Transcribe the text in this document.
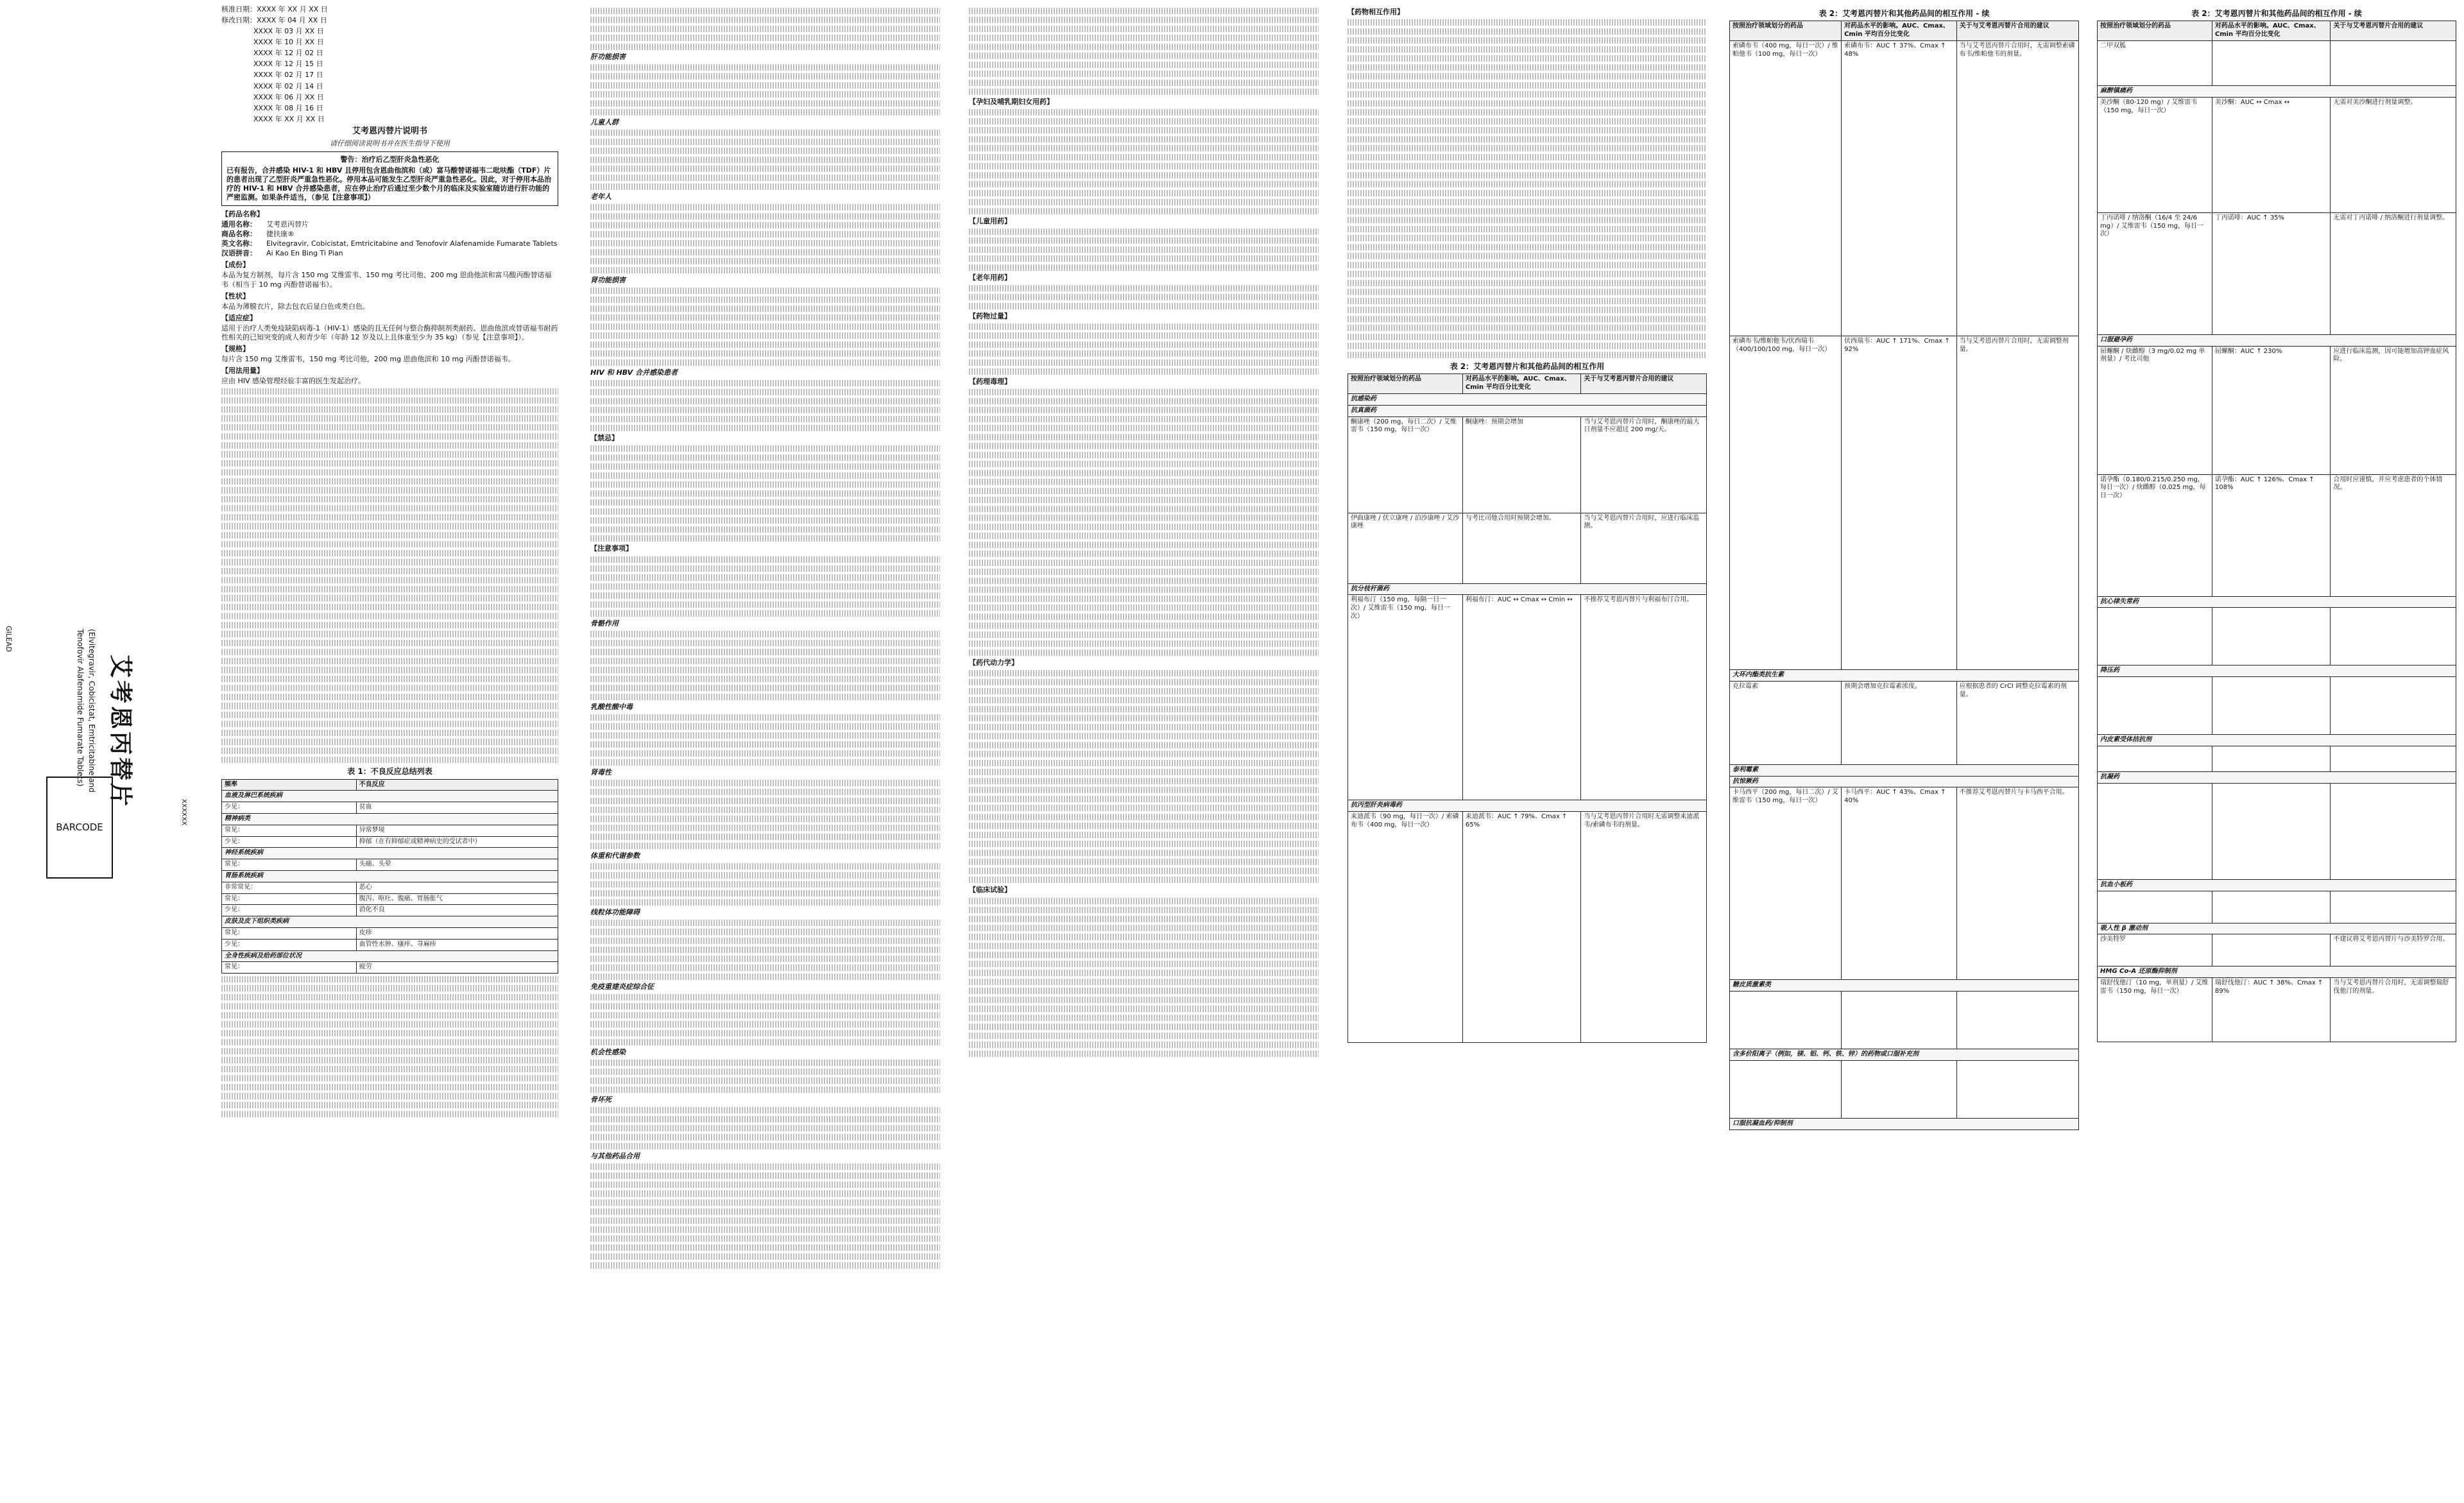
GILEAD
BARCODE
Tenofovir Alafenamide Fumarate Tablets) (Elvitegravir, Cobicistat, Emtricitabine and 艾考恩丙替片
XXXXXX
核准日期：XXXX 年 XX 月 XX 日
修改日期：XXXX 年 04 月 XX 日
XXXX 年 03 月 XX 日
XXXX 年 10 月 XX 日
XXXX 年 12 月 02 日
XXXX 年 12 月 15 日
XXXX 年 02 月 17 日
XXXX 年 02 月 14 日
XXXX 年 06 月 XX 日
XXXX 年 08 月 16 日
XXXX 年 XX 月 XX 日
艾考恩丙替片说明书
请仔细阅读说明书并在医生指导下使用
警告：治疗后乙型肝炎急性恶化
已有报告，合并感染 HIV-1 和 HBV 且停用包含恩曲他滨和（或）富马酸替诺福韦二吡呋酯（TDF）片的患者出现了乙型肝炎严重急性恶化。停用本品可能发生乙型肝炎严重急性恶化。因此，对于停用本品治疗的 HIV-1 和 HBV 合并感染患者，应在停止治疗后通过至少数个月的临床及实验室随访进行肝功能的严密监测。如果条件适当，（参见【注意事项】）
【药品名称】
通用名称：	艾考恩丙替片
商品名称：	捷扶康®
英文名称：	Elvitegravir, Cobicistat, Emtricitabine and Tenofovir Alafenamide Fumarate Tablets
汉语拼音：	Ai Kao En Bing Ti Pian
【成份】
本品为复方制剂，每片含 150 mg 艾维雷韦、150 mg 考比司他、200 mg 恩曲他滨和富马酸丙酚替诺福韦（相当于 10 mg 丙酚替诺福韦）。
【性状】
本品为薄膜衣片，除去包衣后显白色或类白色。
【适应症】
适用于治疗人类免疫缺陷病毒-1（HIV-1）感染的且无任何与整合酶抑制剂类耐药、恩曲他滨或替诺福韦耐药性相关的已知突变的成人和青少年（年龄 12 岁及以上且体重至少为 35 kg）（参见【注意事项】）。
【规格】
每片含 150 mg 艾维雷韦，150 mg 考比司他，200 mg 恩曲他滨和 10 mg 丙酚替诺福韦。
【用法用量】
应由 HIV 感染管理经验丰富的医生发起治疗。
表 1：不良反应总结列表
频率	不良反应
血液及淋巴系统疾病	
少见：	贫血
精神病类	
常见：	异常梦境
少见：	抑郁（在有抑郁症或精神病史的受试者中）
神经系统疾病	
常见：	头痛、头晕
胃肠系统疾病	
非常常见：	恶心
常见：	腹泻、呕吐、腹痛、胃肠胀气
少见：	消化不良
皮肤及皮下组织类疾病	
常见：	皮疹
少见：	血管性水肿、瘙痒、荨麻疹
全身性疾病及给药部位状况	
常见：	疲劳
肝功能损害
儿童人群
老年人
肾功能损害
HIV 和 HBV 合并感染患者
【禁忌】
【注意事项】
骨骼作用
乳酸性酸中毒
肾毒性
体重和代谢参数
线粒体功能障碍
免疫重建炎症综合征
机会性感染
骨坏死
与其他药品合用
【孕妇及哺乳期妇女用药】
【儿童用药】
【老年用药】
【药物过量】
【药理毒理】
【药代动力学】
【临床试验】
【药物相互作用】
表 2：艾考恩丙替片和其他药品间的相互作用
按照治疗领域划分的药品	对药品水平的影响。AUC、Cmax、Cmin 平均百分比变化	关于与艾考恩丙替片合用的建议
抗感染药		
抗真菌药		
酮康唑（200 mg，每日二次）/ 艾维雷韦（150 mg，每日一次）	酮康唑：预期会增加	当与艾考恩丙替片合用时，酮康唑的最大日剂量不应超过 200 mg/天。
伊曲康唑 / 伏立康唑 / 泊沙康唑 / 艾沙康唑	与考比司他合用时预期会增加。	当与艾考恩丙替片合用时，应进行临床监测。
抗分枝杆菌药		
利福布汀（150 mg，每隔一日一次）/ 艾维雷韦（150 mg，每日一次）	利福布汀：AUC ↔ Cmax ↔ Cmin ↔	不推荐艾考恩丙替片与利福布汀合用。
抗丙型肝炎病毒药		
来迪派韦（90 mg，每日一次）/ 索磷布韦（400 mg，每日一次）	来迪派韦：AUC ↑ 79%、Cmax ↑ 65%	当与艾考恩丙替片合用时无需调整来迪派韦/索磷布韦的剂量。
表 2：艾考恩丙替片和其他药品间的相互作用 - 续
按照治疗领域划分的药品	对药品水平的影响。AUC、Cmax、Cmin 平均百分比变化	关于与艾考恩丙替片合用的建议
索磷布韦（400 mg，每日一次）/ 维帕他韦（100 mg，每日一次）	索磷布韦：AUC ↑ 37%、Cmax ↑ 48%	当与艾考恩丙替片合用时，无需调整索磷布韦/维帕他韦的剂量。
索磷布韦/维帕他韦/伏西瑞韦（400/100/100 mg，每日一次）	伏西瑞韦：AUC ↑ 171%、Cmax ↑ 92%	当与艾考恩丙替片合用时，无需调整剂量。
大环内酯类抗生素		
克拉霉素	预期会增加克拉霉素浓度。	应根据患者的 CrCl 调整克拉霉素的剂量。
泰利霉素		
抗惊厥药		
卡马西平（200 mg，每日二次）/ 艾维雷韦（150 mg，每日一次）	卡马西平：AUC ↑ 43%、Cmax ↑ 40%	不推荐艾考恩丙替片与卡马西平合用。
糖皮质激素类		

含多价阳离子（例如，镁、铝、钙、铁、锌）的药物或口服补充剂		

口服抗凝血药/抑制剂		
表 2：艾考恩丙替片和其他药品间的相互作用 - 续
按照治疗领域划分的药品	对药品水平的影响。AUC、Cmax、Cmin 平均百分比变化	关于与艾考恩丙替片合用的建议
二甲双胍		
麻醉镇痛药		
美沙酮（80-120 mg）/ 艾维雷韦（150 mg，每日一次）	美沙酮：AUC ↔ Cmax ↔	无需对美沙酮进行剂量调整。
丁丙诺啡 / 纳洛酮（16/4 至 24/6 mg）/ 艾维雷韦（150 mg，每日一次）	丁丙诺啡：AUC ↑ 35%	无需对丁丙诺啡 / 纳洛酮进行剂量调整。
口服避孕药		
屈螺酮 / 炔雌醇（3 mg/0.02 mg 单剂量）/ 考比司他	屈螺酮：AUC ↑ 230%	应进行临床监测，因可能增加高钾血症风险。
诺孕酯（0.180/0.215/0.250 mg，每日一次）/ 炔雌醇（0.025 mg，每日一次）	诺孕酯：AUC ↑ 126%、Cmax ↑ 108%	合用时应谨慎，并应考虑患者的个体情况。
抗心律失常药		

降压药		

内皮素受体拮抗剂		

抗凝药		

抗血小板药		

吸入性 β 激动剂		
沙美特罗		不建议将艾考恩丙替片与沙美特罗合用。
HMG Co-A 还原酶抑制剂		
瑞舒伐他汀（10 mg，单剂量）/ 艾维雷韦（150 mg，每日一次）	瑞舒伐他汀：AUC ↑ 38%、Cmax ↑ 89%	当与艾考恩丙替片合用时，无需调整瑞舒伐他汀的剂量。
